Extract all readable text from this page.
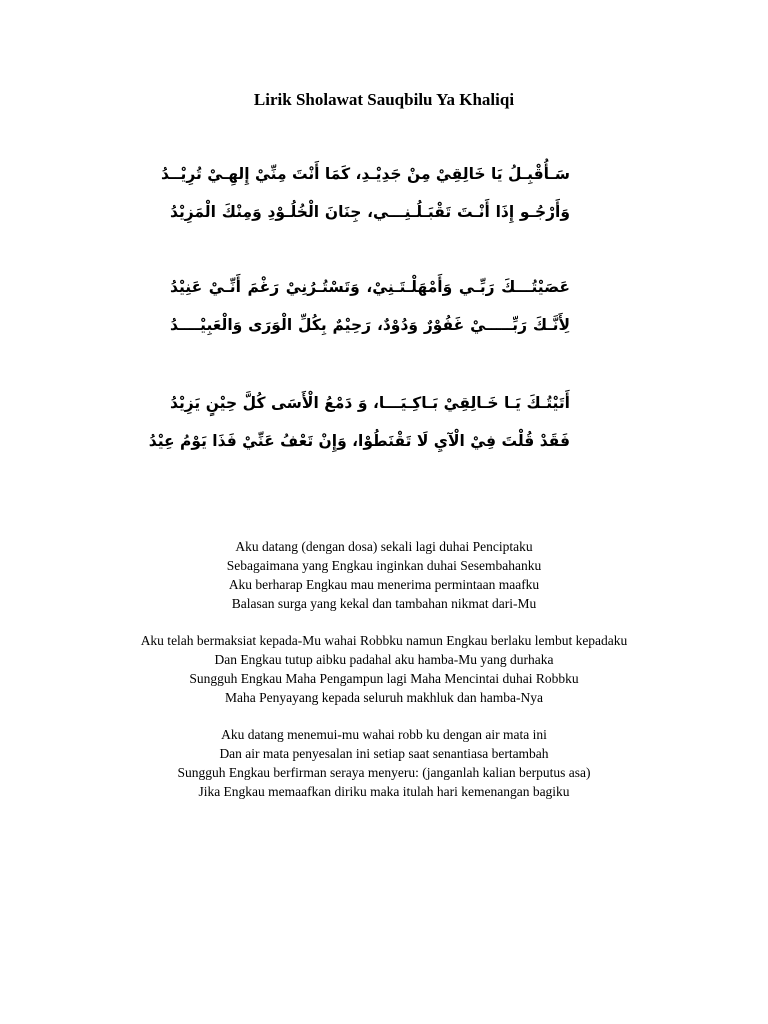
Lirik Sholawat Sauqbilu Ya Khaliqi
سَـأُقْبِـلُ يَا خَالِقِيْ مِنْ جَدِيْـدِ، كَمَا أَنْتَ مِنِّيْ إِلهِـيْ تُرِيْــدُ
وَأَرْجُـو إِذَا أَنْـتَ تَقْبَـلُـنِـــي، جِنَانَ الْخُلُـوْدِ وَمِنْكَ الْمَزِيْدُ
عَصَيْتُـــكَ رَبِّـي وَأَمْهَلْـتَـنِيْ، وَتَسْتُـرُنِيْ رَغْمَ أَنِّـيْ عَنِيْدُ
لِأَنَّـكَ رَبِّـــــيْ غَفُوْرٌ وَدُوْدٌ، رَحِيْمٌ بِكُلِّ الْوَرَى وَالْعَبِيْــــدُ
أَتَيْتُـكَ يَـا خَـالِقِيْ بَـاكِـيَـــا، وَ دَمْعُ الْأَسَى كُلَّ حِيْنٍ يَزِيْدُ
فَقَدْ قُلْتَ فِيْ الْآيِ لَا تَقْنَطُوْا، وَإِنْ تَعْفُ عَنِّيْ فَذَا يَوْمُ عِيْدُ
Aku datang (dengan dosa) sekali lagi duhai Penciptaku
Sebagaimana yang Engkau inginkan duhai Sesembahanku
Aku berharap Engkau mau menerima permintaan maafku
Balasan surga yang kekal dan tambahan nikmat dari-Mu
Aku telah bermaksiat kepada-Mu wahai Robbku namun Engkau berlaku lembut kepadaku
Dan Engkau tutup aibku padahal aku hamba-Mu yang durhaka
Sungguh Engkau Maha Pengampun lagi Maha Mencintai duhai Robbku
Maha Penyayang kepada seluruh makhluk dan hamba-Nya
Aku datang menemui-mu wahai robb ku dengan air mata ini
Dan air mata penyesalan ini setiap saat senantiasa bertambah
Sungguh Engkau berfirman seraya menyeru: (janganlah kalian berputus asa)
Jika Engkau memaafkan diriku maka itulah hari kemenangan bagiku
